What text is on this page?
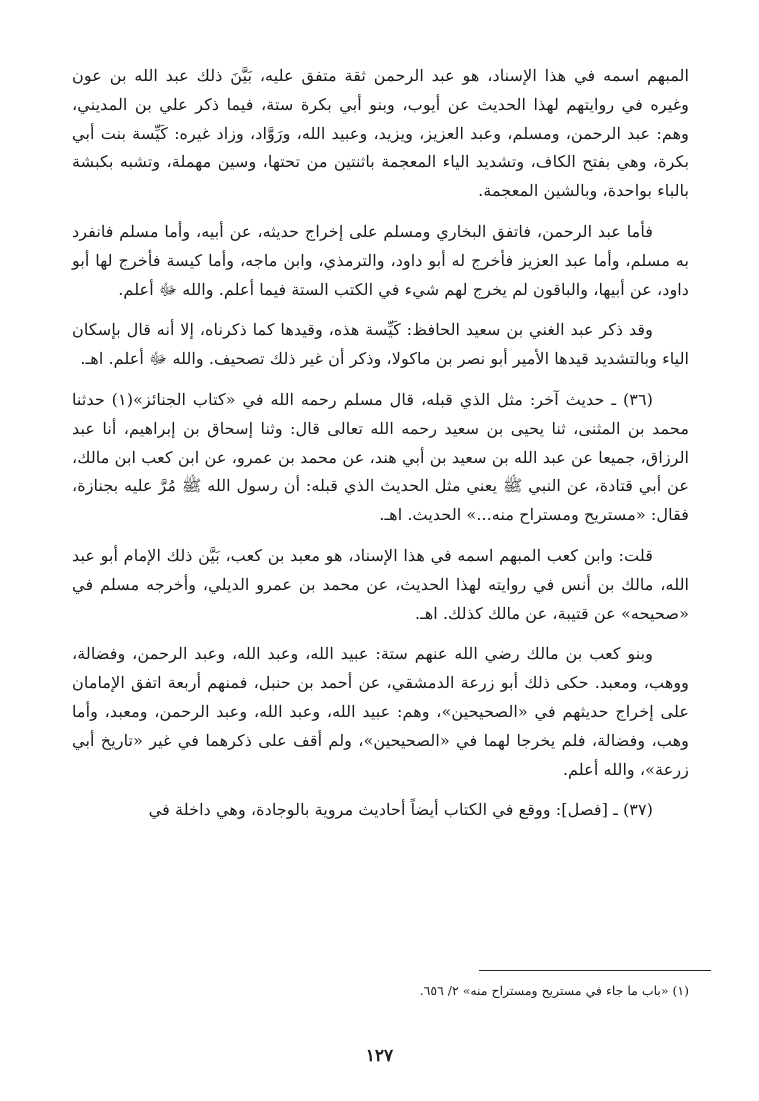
المبهم اسمه في هذا الإسناد، هو عبد الرحمن ثقة متفق عليه، بَيَّنَ ذلك عبد الله بن عون وغيره في روايتهم لهذا الحديث عن أيوب، وبنو أبي بكرة ستة، فيما ذكر علي بن المديني، وهم: عبد الرحمن، ومسلم، وعبد العزيز، ويزيد، وعبيد الله، ورَوَّاد، وزاد غيره: كَيِّسة بنت أبي بكرة، وهي بفتح الكاف، وتشديد الياء المعجمة باثنتين من تحتها، وسين مهملة، وتشبه بكبشة بالباء بواحدة، وبالشين المعجمة.

فأما عبد الرحمن، فاتفق البخاري ومسلم على إخراج حديثه، عن أبيه، وأما مسلم فانفرد به مسلم، وأما عبد العزيز فأخرج له أبو داود، والترمذي، وابن ماجه، وأما كيسة فأخرج لها أبو داود، عن أبيها، والباقون لم يخرج لهم شيء في الكتب الستة فيما أعلم. والله ﷻ أعلم.

وقد ذكر عبد الغني بن سعيد الحافظ: كَيِّسة هذه، وقيدها كما ذكرناه، إلا أنه قال بإسكان الياء وبالتشديد قيدها الأمير أبو نصر بن ماكولا، وذكر أن غير ذلك تصحيف. والله ﷻ أعلم. اهـ.

(٣٦) ـ حديث آخر: مثل الذي قبله، قال مسلم رحمه الله في «كتاب الجنائز»(١) حدثنا محمد بن المثنى، ثنا يحيى بن سعيد رحمه الله تعالى قال: وثنا إسحاق بن إبراهيم، أنا عبد الرزاق، جميعا عن عبد الله بن سعيد بن أبي هند، عن محمد بن عمرو، عن ابن كعب ابن مالك، عن أبي قتادة، عن النبي ﷺ يعني مثل الحديث الذي قبله: أن رسول الله ﷺ مُرَّ عليه بجنازة، فقال: «مستريح ومستراح منه...» الحديث. اهـ.

قلت: وابن كعب المبهم اسمه في هذا الإسناد، هو معبد بن كعب، بَيَّن ذلك الإمام أبو عبد الله، مالك بن أنس في روايته لهذا الحديث، عن محمد بن عمرو الديلي، وأخرجه مسلم في «صحيحه» عن قتيبة، عن مالك كذلك. اهـ.

وبنو كعب بن مالك رضي الله عنهم ستة: عبيد الله، وعبد الله، وعبد الرحمن، وفضالة، ووهب، ومعبد. حكى ذلك أبو زرعة الدمشقي، عن أحمد بن حنبل، فمنهم أربعة اتفق الإمامان على إخراج حديثهم في «الصحيحين»، وهم: عبيد الله، وعبد الله، وعبد الرحمن، ومعبد، وأما وهب، وفضالة، فلم يخرجا لهما في «الصحيحين»، ولم أقف على ذكرهما في غير «تاريخ أبي زرعة»، والله أعلم.

(٣٧) ـ [فصل]: ووقع في الكتاب أيضاً أحاديث مروية بالوجادة، وهي داخلة في

(١) «باب ما جاء في مستريح ومستراح منه» ٢/ ٦٥٦.
١٢٧
